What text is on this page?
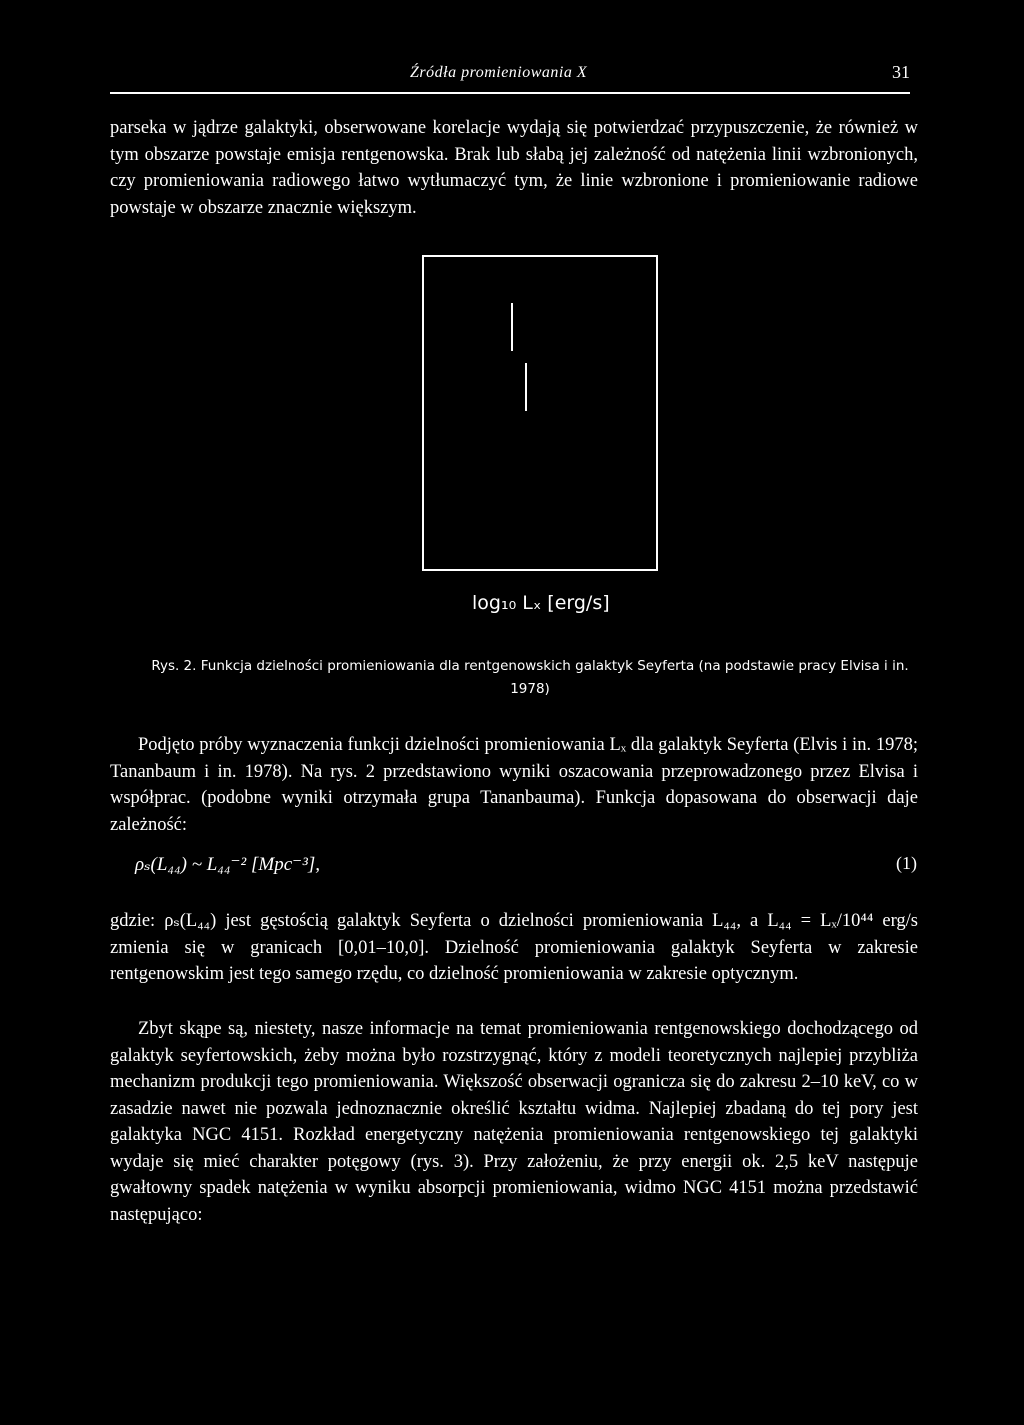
Źródła promieniowania X	31
parseka w jądrze galaktyki, obserwowane korelacje wydają się potwierdzać przypuszczenie, że również w tym obszarze powstaje emisja rentgenowska. Brak lub słabą jej zależność od natężenia linii wzbronionych, czy promieniowania radiowego łatwo wytłumaczyć tym, że linie wzbronione i promieniowanie radiowe powstaje w obszarze znacznie większym.
log₁₀ Lₓ [erg/s]
Rys. 2. Funkcja dzielności promieniowania dla rentgenowskich galaktyk Seyferta (na podstawie pracy Elvisa i in. 1978)
Podjęto próby wyznaczenia funkcji dzielności promieniowania Lₓ dla galaktyk Seyferta (Elvis i in. 1978; Tananbaum i in. 1978). Na rys. 2 przedstawiono wyniki oszacowania przeprowadzonego przez Elvisa i współprac. (podobne wyniki otrzymała grupa Tananbauma). Funkcja dopasowana do obserwacji daje zależność:
ρₛ(L₄₄) ~ L₄₄⁻² [Mpc⁻³],	(1)
gdzie: ρₛ(L₄₄) jest gęstością galaktyk Seyferta o dzielności promieniowania L₄₄, a L₄₄ = Lₓ/10⁴⁴ erg/s zmienia się w granicach [0,01–10,0]. Dzielność promieniowania galaktyk Seyferta w zakresie rentgenowskim jest tego samego rzędu, co dzielność promieniowania w zakresie optycznym.
Zbyt skąpe są, niestety, nasze informacje na temat promieniowania rentgenowskiego dochodzącego od galaktyk seyfertowskich, żeby można było rozstrzygnąć, który z modeli teoretycznych najlepiej przybliża mechanizm produkcji tego promieniowania. Większość obserwacji ogranicza się do zakresu 2–10 keV, co w zasadzie nawet nie pozwala jednoznacznie określić kształtu widma. Najlepiej zbadaną do tej pory jest galaktyka NGC 4151. Rozkład energetyczny natężenia promieniowania rentgenowskiego tej galaktyki wydaje się mieć charakter potęgowy (rys. 3). Przy założeniu, że przy energii ok. 2,5 keV następuje gwałtowny spadek natężenia w wyniku absorpcji promieniowania, widmo NGC 4151 można przedstawić następująco:
